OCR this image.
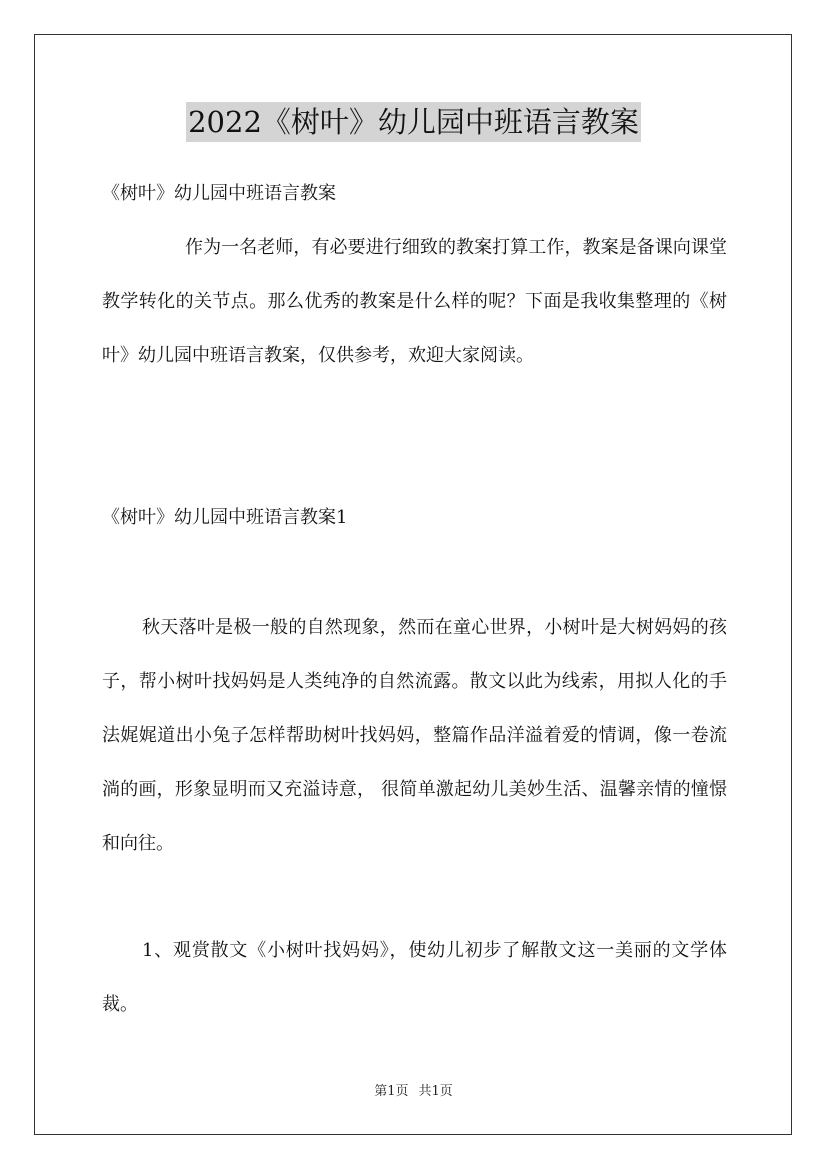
2022《树叶》幼儿园中班语言教案

《树叶》幼儿园中班语言教案

作为一名老师，有必要进行细致的教案打算工作，教案是备课向课堂教学转化的关节点。那么优秀的教案是什么样的呢？下面是我收集整理的《树叶》幼儿园中班语言教案，仅供参考，欢迎大家阅读。

《树叶》幼儿园中班语言教案1

秋天落叶是极一般的自然现象，然而在童心世界，小树叶是大树妈妈的孩子，帮小树叶找妈妈是人类纯净的自然流露。散文以此为线索，用拟人化的手法娓娓道出小兔子怎样帮助树叶找妈妈，整篇作品洋溢着爱的情调，像一卷流淌的画，形象显明而又充溢诗意， 很简单激起幼儿美妙生活、温馨亲情的憧憬和向往。

1、观赏散文《小树叶找妈妈》，使幼儿初步了解散文这一美丽的文学体裁。

第1页 共1页
